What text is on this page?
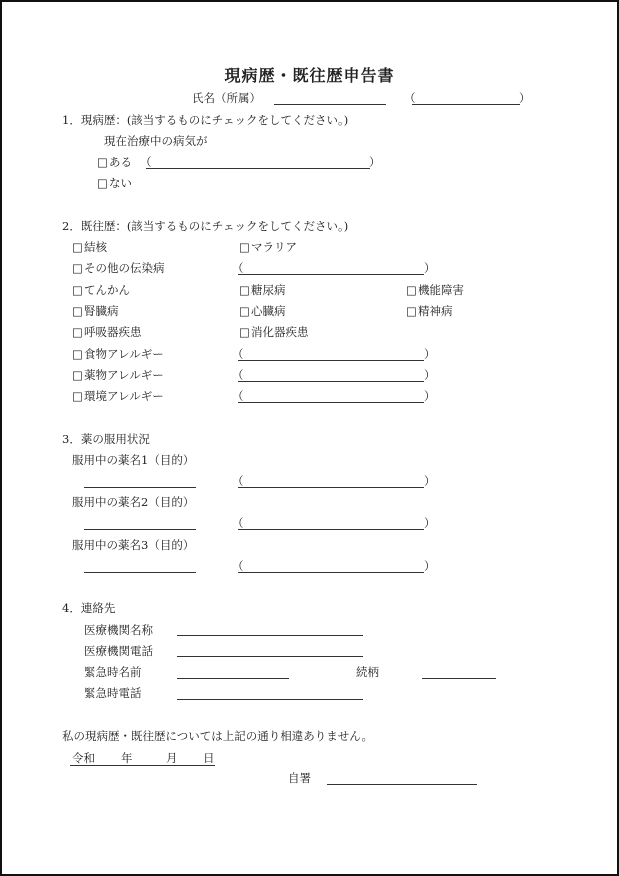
現病歴・既往歴申告書
氏名（所属）	（	）
1．現病歴：(該当するものにチェックをしてください。)
現在治療中の病気が
□ ある （	）
□ ない
2．既往歴：(該当するものにチェックをしてください。)
□ 結核	□ マラリア
□ その他の伝染病	（	）
□ てんかん	□ 糖尿病	□ 機能障害
□ 腎臓病	□ 心臓病	□ 精神病
□ 呼吸器疾患	□ 消化器疾患
□ 食物アレルギー	（	）
□ 薬物アレルギー	（	）
□ 環境アレルギー	（	）
3．薬の服用状況
服用中の薬名1（目的）
（	）
服用中の薬名2（目的）
（	）
服用中の薬名3（目的）
（	）
4．連絡先
医療機関名称
医療機関電話
緊急時名前	続柄
緊急時電話
私の現病歴・既往歴については上記の通り相違ありません。
令和 年	月 日
自署
